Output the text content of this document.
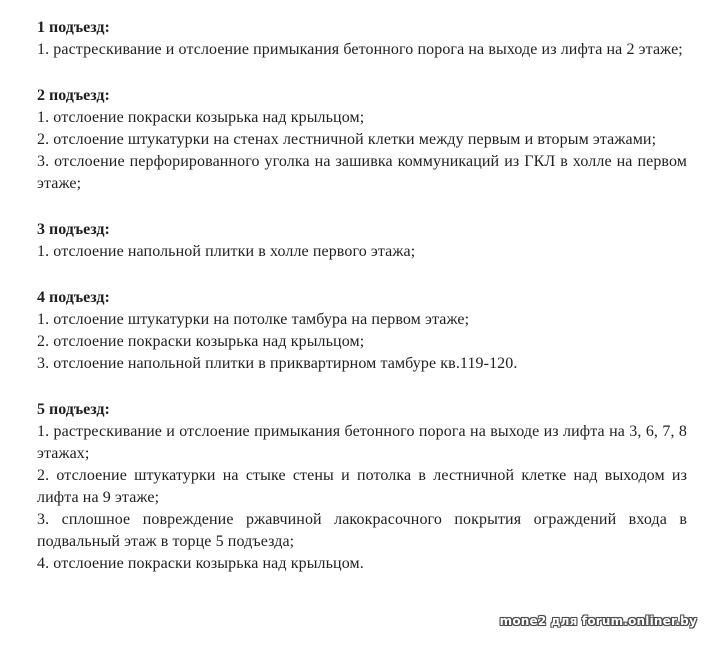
1 подъезд:

1. растрескивание и отслоение примыкания бетонного порога на выходе из лифта на 2 этаже;

2 подъезд:

1. отслоение покраски козырька над крыльцом;

2. отслоение штукатурки на стенах лестничной клетки между первым и вторым этажами;

3. отслоение перфорированного уголка на зашивка коммуникаций из ГКЛ в холле на первом этаже;

3 подъезд:

1. отслоение напольной плитки в холле первого этажа;

4 подъезд:

1. отслоение штукатурки на потолке тамбура на первом этаже;

2. отслоение покраски козырька над крыльцом;

3. отслоение напольной плитки в приквартирном тамбуре кв.119-120.

5 подъезд:

1. растрескивание и отслоение примыкания бетонного порога на выходе из лифта на 3, 6, 7, 8 этажах;

2. отслоение штукатурки на стыке стены и потолка в лестничной клетке над выходом из лифта на 9 этаже;

3. сплошное повреждение ржавчиной лакокрасочного покрытия ограждений входа в подвальный этаж в торце 5 подъезда;

4. отслоение покраски козырька над крыльцом.

mone2 для forum.onliner.by
